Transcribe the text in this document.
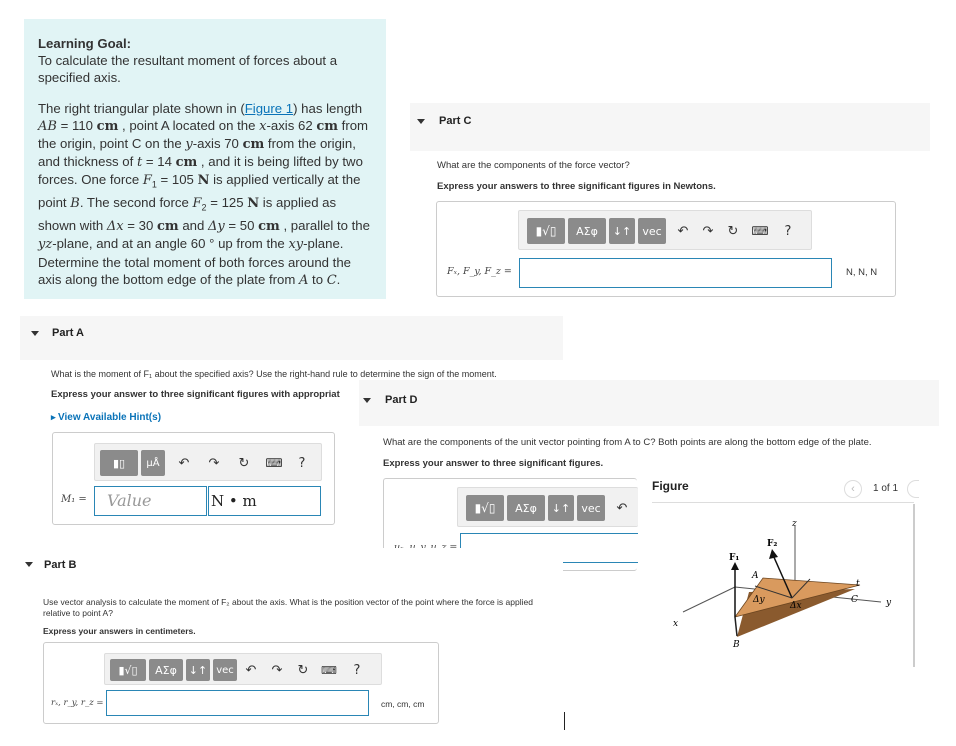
Learning Goal:

To calculate the resultant moment of forces about a specified axis.

The right triangular plate shown in (Figure 1) has length AB = 110 cm , point A located on the x-axis 62 cm from the origin, point C on the y-axis 70 cm from the origin, and thickness of t = 14 cm , and it is being lifted by two forces. One force $F_1 = 105$ N is applied vertically at the point B. The second force $F_2 = 125$ N is applied as shown with Δx = 30 cm and Δy = 50 cm , parallel to the yz-plane, and at an angle 60 ° up from the xy-plane. Determine the total moment of both forces around the axis along the bottom edge of the plate from A to C.

Part C
What are the components of the force vector?
Express your answers to three significant figures in Newtons.
▮√▯	ΑΣφ	↓↑	vec	↶ ↷ ↻ ⌨	?
Fₓ, F_y, F_z =	N, N, N
Part A
What is the moment of F₁ about the specified axis? Use the right-hand rule to determine the sign of the moment.
Express your answer to three significant figures with appropriat
▸ View Available Hint(s)
▮▯	μÅ	↶ ↷ ↻ ⌨	?
M₁ =	Value	N • m
Part D
What are the components of the unit vector pointing from A to C? Both points are along the bottom edge of the plate.
Express your answer to three significant figures.
▮√▯	ΑΣφ	↓↑	vec	↶
Figure	‹	1 of 1
z
F₂
F₁
A
Δy
Δx
t
C	y
x
B
Part B
Use vector analysis to calculate the moment of F₂ about the axis. What is the position vector of the point where the force is applied relative to point A?
Express your answers in centimeters.
▮√▯	ΑΣφ	↓↑ vec ↶ ↷ ↻ ⌨	?
rₓ, r_y, r_z =	cm, cm, cm
